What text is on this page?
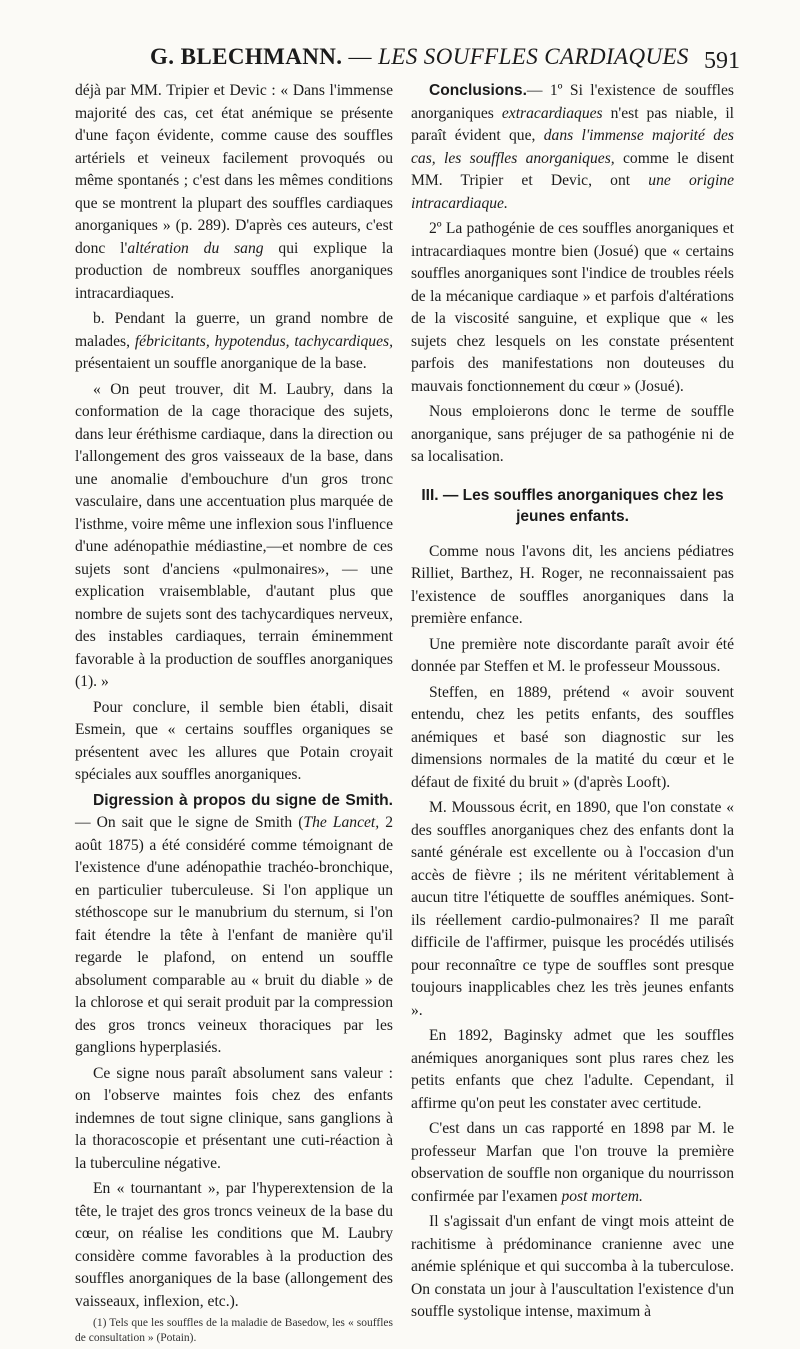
G. BLECHMANN. — LES SOUFFLES CARDIAQUES 591

déjà par MM. Tripier et Devic : « Dans l'immense majorité des cas, cet état anémique se présente d'une façon évidente, comme cause des souffles artériels et veineux facilement provoqués ou même spontanés ; c'est dans les mêmes conditions que se montrent la plupart des souffles cardiaques anorganiques » (p. 289). D'après ces auteurs, c'est donc l'altération du sang qui explique la production de nombreux souffles anorganiques intracardiaques.

b. Pendant la guerre, un grand nombre de malades, fébricitants, hypotendus, tachycardiques, présentaient un souffle anorganique de la base.

« On peut trouver, dit M. Laubry, dans la conformation de la cage thoracique des sujets, dans leur éréthisme cardiaque, dans la direction ou l'allongement des gros vaisseaux de la base, dans une anomalie d'embouchure d'un gros tronc vasculaire, dans une accentuation plus marquée de l'isthme, voire même une inflexion sous l'influence d'une adénopathie médiastine,—et nombre de ces sujets sont d'anciens «pulmonaires», — une explication vraisemblable, d'autant plus que nombre de sujets sont des tachycardiques nerveux, des instables cardiaques, terrain éminemment favorable à la production de souffles anorganiques (1). »

Pour conclure, il semble bien établi, disait Esmein, que « certains souffles organiques se présentent avec les allures que Potain croyait spéciales aux souffles anorganiques.

Digression à propos du signe de Smith. — On sait que le signe de Smith (The Lancet, 2 août 1875) a été considéré comme témoignant de l'existence d'une adénopathie trachéo-bronchique, en particulier tuberculeuse. Si l'on applique un stéthoscope sur le manubrium du sternum, si l'on fait étendre la tête à l'enfant de manière qu'il regarde le plafond, on entend un souffle absolument comparable au « bruit du diable » de la chlorose et qui serait produit par la compression des gros troncs veineux thoraciques par les ganglions hyperplasiés.

Ce signe nous paraît absolument sans valeur : on l'observe maintes fois chez des enfants indemnes de tout signe clinique, sans ganglions à la thoracoscopie et présentant une cuti-réaction à la tuberculine négative.

En « tournantant », par l'hyperextension de la tête, le trajet des gros troncs veineux de la base du cœur, on réalise les conditions que M. Laubry considère comme favorables à la production des souffles anorganiques de la base (allongement des vaisseaux, inflexion, etc.).

(1) Tels que les souffles de la maladie de Basedow, les « souffles de consultation » (Potain).

Conclusions.— 1º Si l'existence de souffles anorganiques extracardiaques n'est pas niable, il paraît évident que, dans l'immense majorité des cas, les souffles anorganiques, comme le disent MM. Tripier et Devic, ont une origine intracardiaque.

2º La pathogénie de ces souffles anorganiques et intracardiaques montre bien (Josué) que « certains souffles anorganiques sont l'indice de troubles réels de la mécanique cardiaque » et parfois d'altérations de la viscosité sanguine, et explique que « les sujets chez lesquels on les constate présentent parfois des manifestations non douteuses du mauvais fonctionnement du cœur » (Josué).

Nous emploierons donc le terme de souffle anorganique, sans préjuger de sa pathogénie ni de sa localisation.

III. — Les souffles anorganiques chez les jeunes enfants.

Comme nous l'avons dit, les anciens pédiatres Rilliet, Barthez, H. Roger, ne reconnaissaient pas l'existence de souffles anorganiques dans la première enfance.

Une première note discordante paraît avoir été donnée par Steffen et M. le professeur Moussous.

Steffen, en 1889, prétend « avoir souvent entendu, chez les petits enfants, des souffles anémiques et basé son diagnostic sur les dimensions normales de la matité du cœur et le défaut de fixité du bruit » (d'après Looft).

M. Moussous écrit, en 1890, que l'on constate « des souffles anorganiques chez des enfants dont la santé générale est excellente ou à l'occasion d'un accès de fièvre ; ils ne méritent véritablement à aucun titre l'étiquette de souffles anémiques. Sont-ils réellement cardio-pulmonaires? Il me paraît difficile de l'affirmer, puisque les procédés utilisés pour reconnaître ce type de souffles sont presque toujours inapplicables chez les très jeunes enfants ».

En 1892, Baginsky admet que les souffles anémiques anorganiques sont plus rares chez les petits enfants que chez l'adulte. Cependant, il affirme qu'on peut les constater avec certitude.

C'est dans un cas rapporté en 1898 par M. le professeur Marfan que l'on trouve la première observation de souffle non organique du nourrisson confirmée par l'examen post mortem.

Il s'agissait d'un enfant de vingt mois atteint de rachitisme à prédominance cranienne avec une anémie splénique et qui succomba à la tuberculose. On constata un jour à l'auscultation l'existence d'un souffle systolique intense, maximum à
